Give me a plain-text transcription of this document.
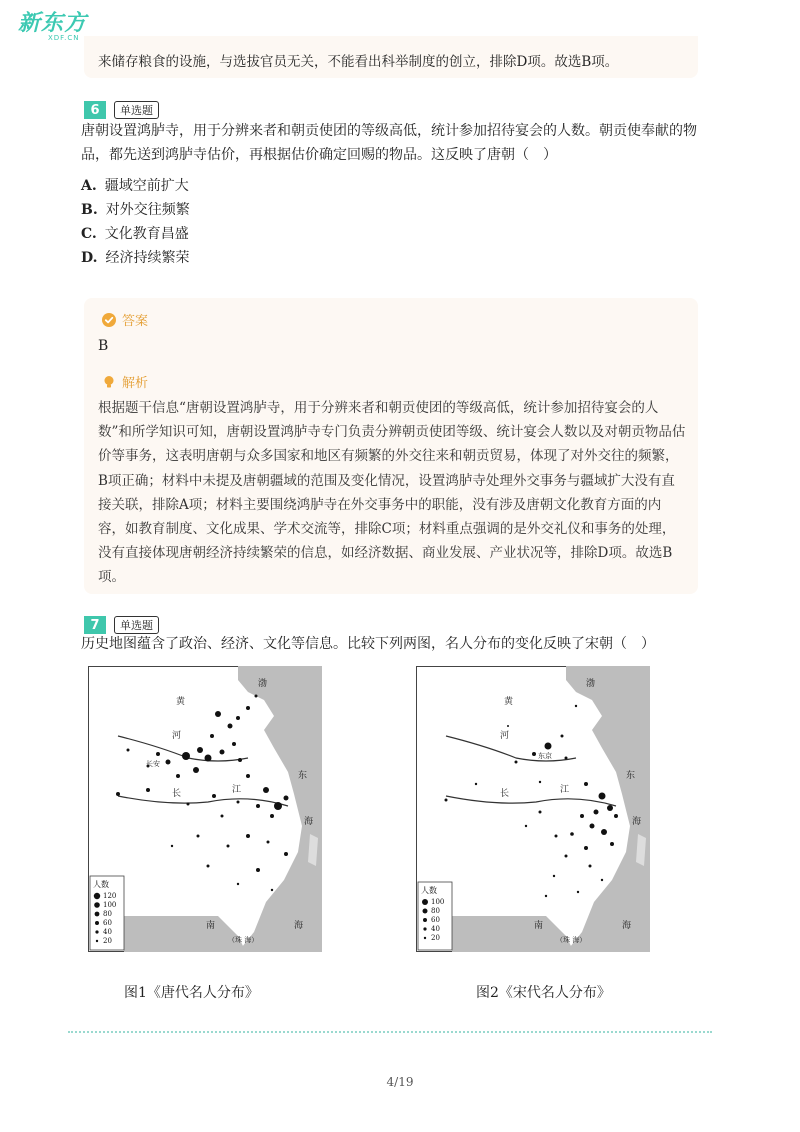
新东方
XDF.CN
来储存粮食的设施，与选拔官员无关，不能看出科举制度的创立，排除D项。故选B项。
6	单选题
唐朝设置鸿胪寺，用于分辨来者和朝贡使团的等级高低，统计参加招待宴会的人数。朝贡使奉献的物品，都先送到鸿胪寺估价，再根据估价确定回赐的物品。这反映了唐朝（　）
A. 疆域空前扩大
B. 对外交往频繁
C. 文化教育昌盛
D. 经济持续繁荣
答案
B
解析
根据题干信息“唐朝设置鸿胪寺，用于分辨来者和朝贡使团的等级高低，统计参加招待宴会的人数”和所学知识可知，唐朝设置鸿胪寺专门负责分辨朝贡使团等级、统计宴会人数以及对朝贡物品估价等事务，这表明唐朝与众多国家和地区有频繁的外交往来和朝贡贸易，体现了对外交往的频繁，B项正确；材料中未提及唐朝疆域的范围及变化情况，设置鸿胪寺处理外交事务与疆域扩大没有直接关联，排除A项；材料主要围绕鸿胪寺在外交事务中的职能，没有涉及唐朝文化教育方面的内容，如教育制度、文化成果、学术交流等，排除C项；材料重点强调的是外交礼仪和事务的处理，没有直接体现唐朝经济持续繁荣的信息，如经济数据、商业发展、产业状况等，排除D项。故选B项。
7	单选题
历史地图蕴含了政治、经济、文化等信息。比较下列两图，名人分布的变化反映了宋朝（　）
黄
河
渤
东
长	江
海
南	海
（珠 海）
长安
人数
120
100
80
60
40
20
黄
河
渤
东
长	江
海
南	海
（珠 海）
东京
人数
100
80
60
40
20
图1《唐代名人分布》	图2《宋代名人分布》
4/19
